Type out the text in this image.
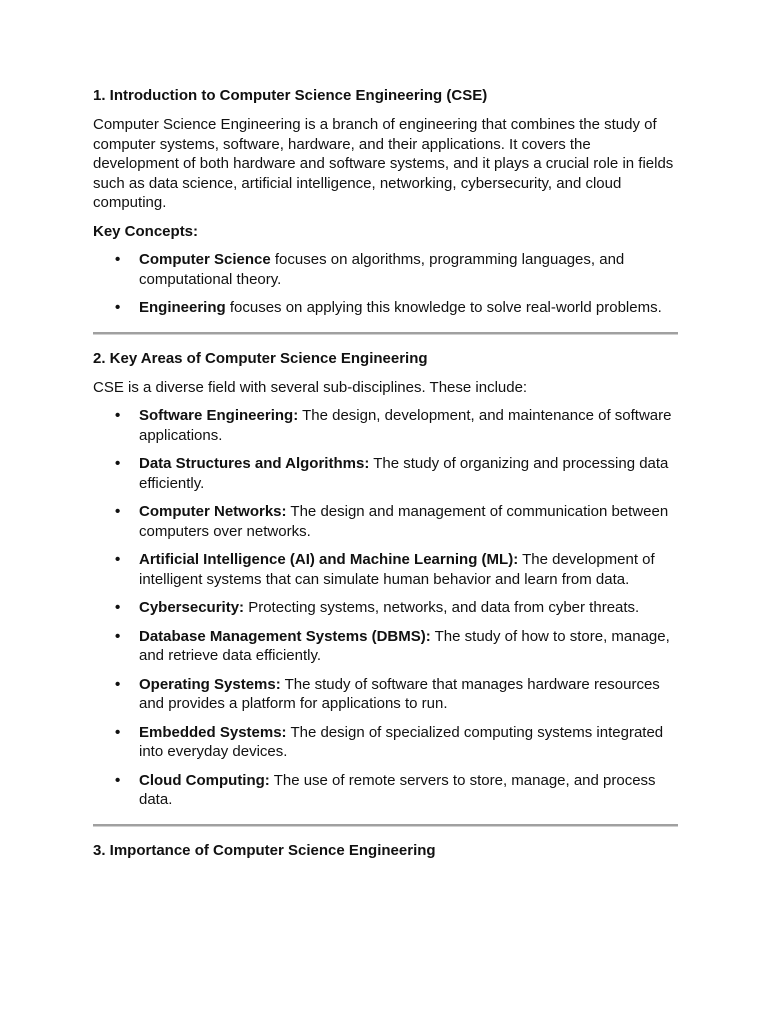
1. Introduction to Computer Science Engineering (CSE)

Computer Science Engineering is a branch of engineering that combines the study of computer systems, software, hardware, and their applications. It covers the development of both hardware and software systems, and it plays a crucial role in fields such as data science, artificial intelligence, networking, cybersecurity, and cloud computing.

Key Concepts:

• Computer Science focuses on algorithms, programming languages, and computational theory.
• Engineering focuses on applying this knowledge to solve real-world problems.
2. Key Areas of Computer Science Engineering

CSE is a diverse field with several sub-disciplines. These include:

• Software Engineering: The design, development, and maintenance of software applications.
• Data Structures and Algorithms: The study of organizing and processing data efficiently.
• Computer Networks: The design and management of communication between computers over networks.
• Artificial Intelligence (AI) and Machine Learning (ML): The development of intelligent systems that can simulate human behavior and learn from data.
• Cybersecurity: Protecting systems, networks, and data from cyber threats.
• Database Management Systems (DBMS): The study of how to store, manage, and retrieve data efficiently.
• Operating Systems: The study of software that manages hardware resources and provides a platform for applications to run.
• Embedded Systems: The design of specialized computing systems integrated into everyday devices.
• Cloud Computing: The use of remote servers to store, manage, and process data.
3. Importance of Computer Science Engineering
